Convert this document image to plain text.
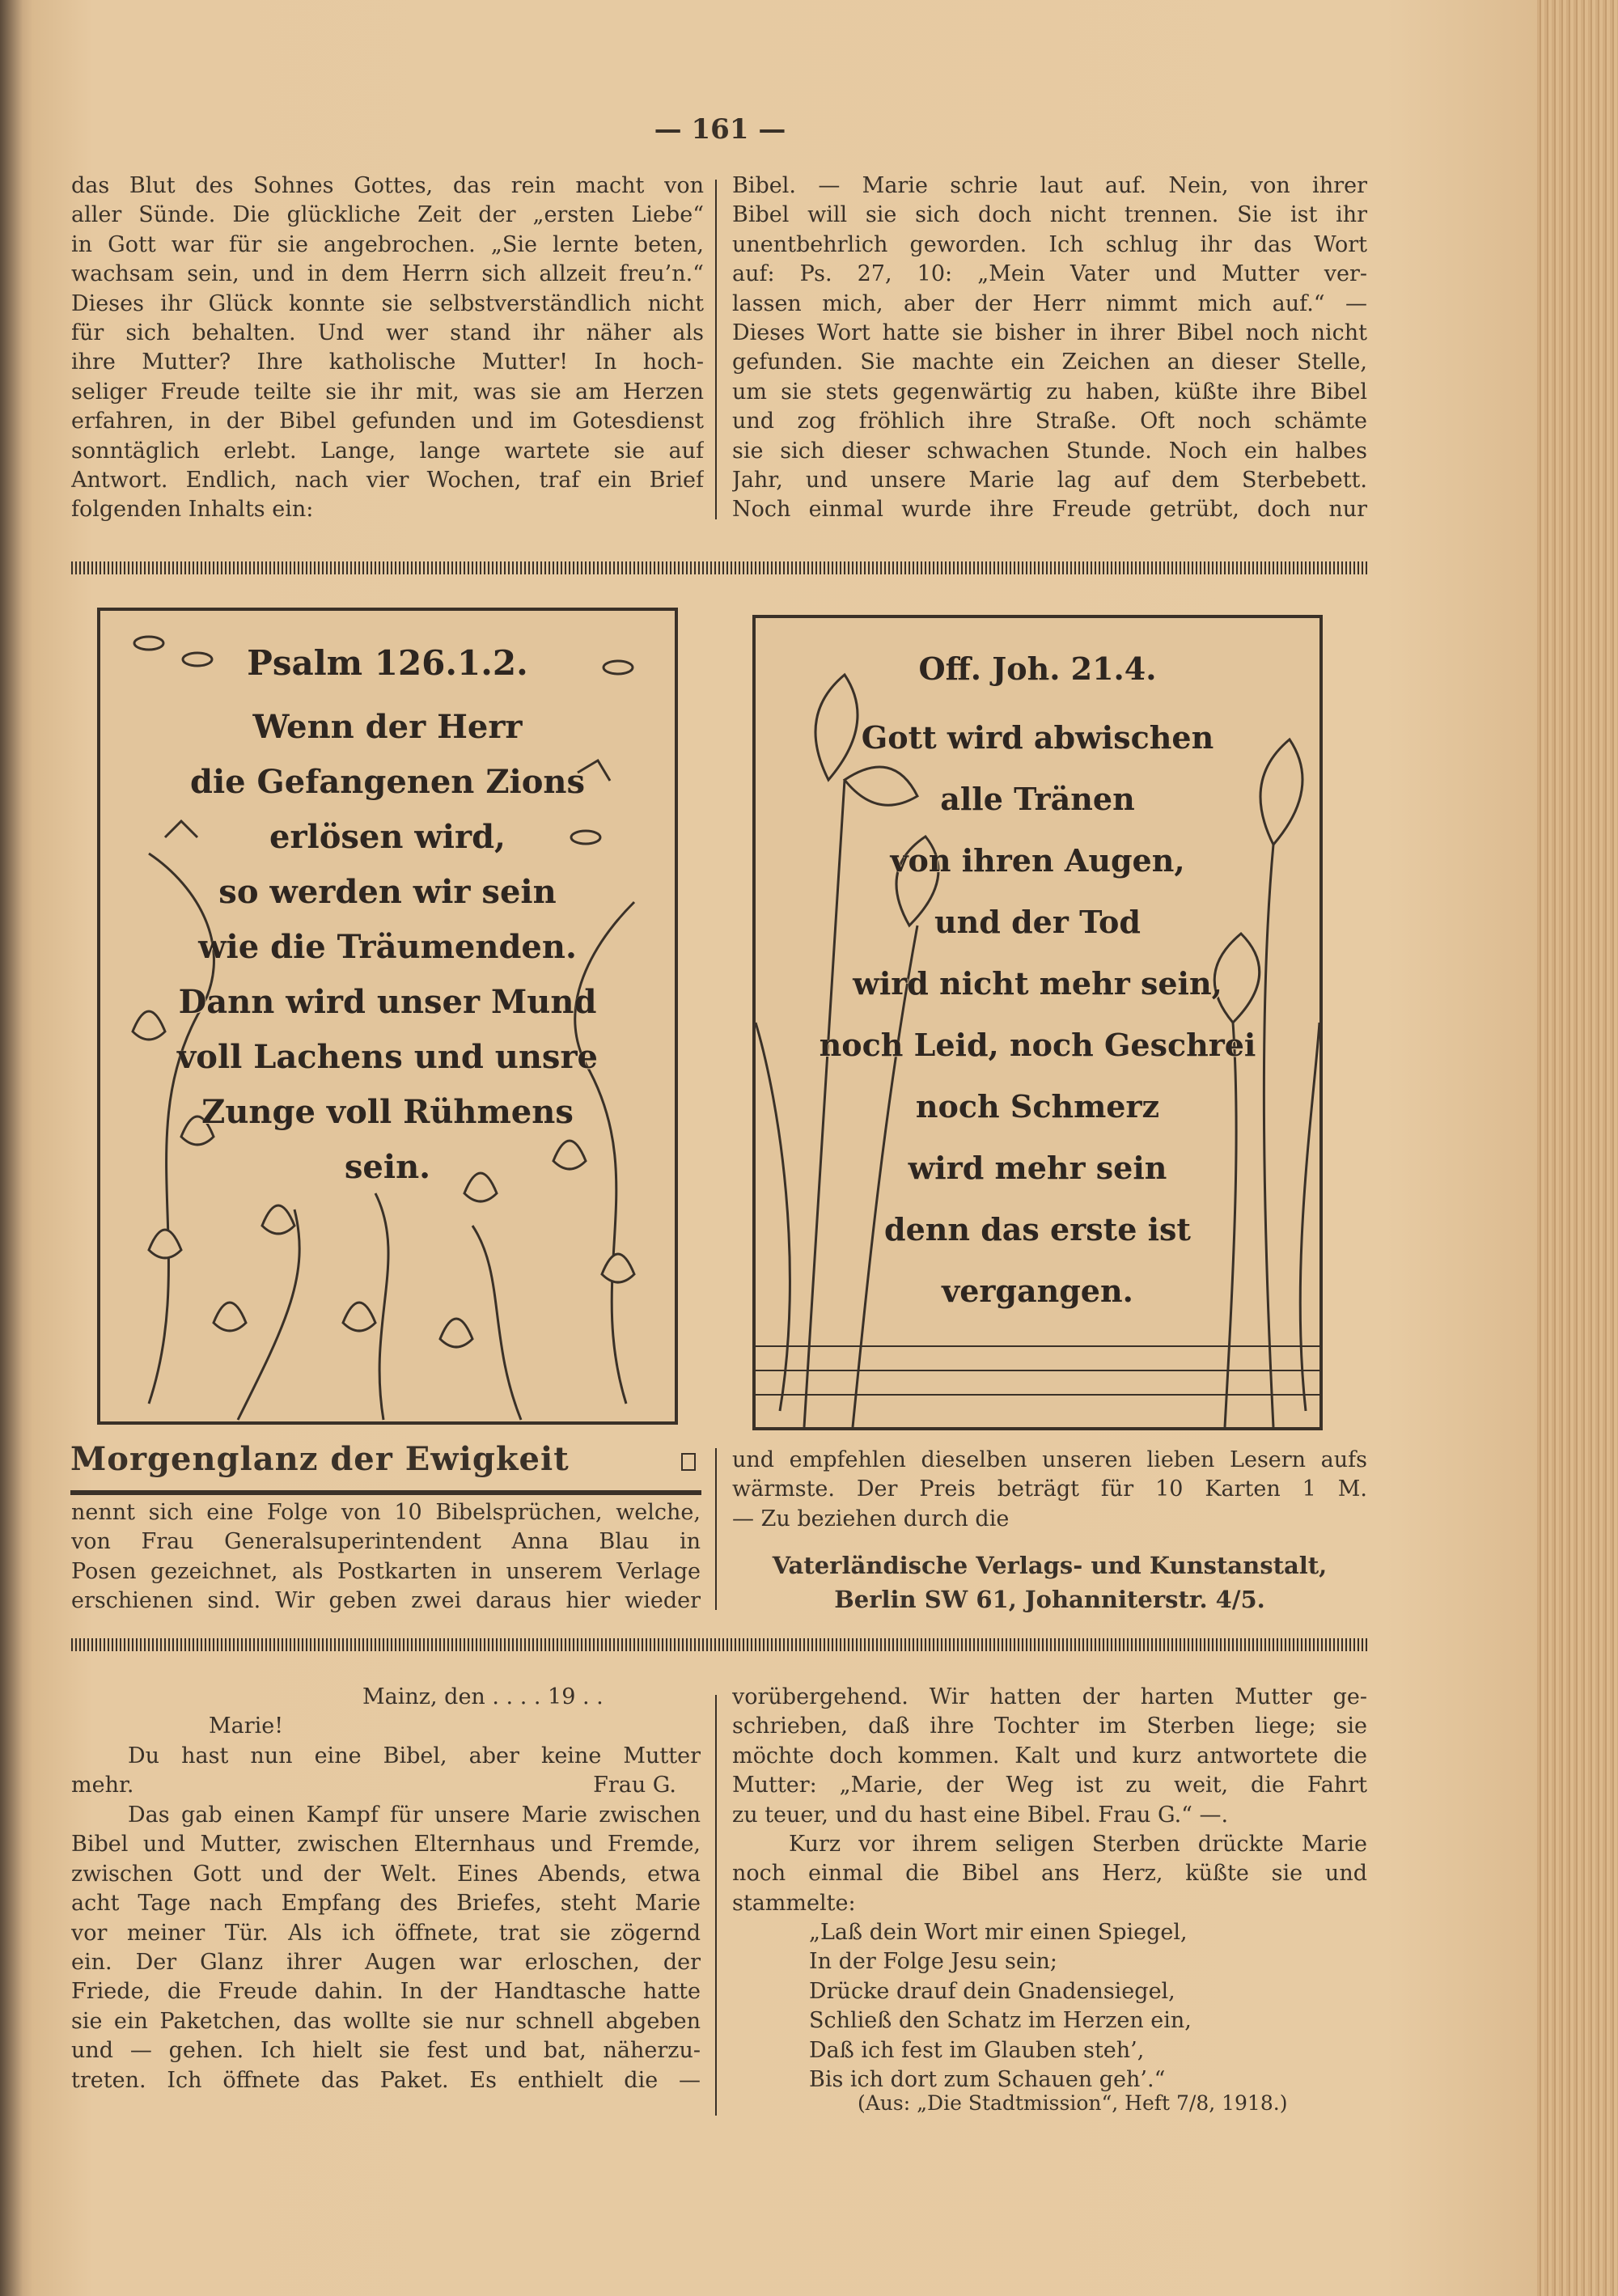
— 161 —
das Blut des Sohnes Gottes, das rein macht von
aller Sünde. Die glückliche Zeit der „ersten Liebe“
in Gott war für sie angebrochen. „Sie lernte beten,
wachsam sein, und in dem Herrn sich allzeit freu’n.“
Dieses ihr Glück konnte sie selbstverständlich nicht
für sich behalten. Und wer stand ihr näher als
ihre Mutter? Ihre katholische Mutter! In hoch-
seliger Freude teilte sie ihr mit, was sie am Herzen
erfahren, in der Bibel gefunden und im Gotesdienst
sonntäglich erlebt. Lange, lange wartete sie auf
Antwort. Endlich, nach vier Wochen, traf ein Brief
folgenden Inhalts ein:
Bibel. — Marie schrie laut auf. Nein, von ihrer
Bibel will sie sich doch nicht trennen. Sie ist ihr
unentbehrlich geworden. Ich schlug ihr das Wort
auf: Ps. 27, 10: „Mein Vater und Mutter ver-
lassen mich, aber der Herr nimmt mich auf.“ —
Dieses Wort hatte sie bisher in ihrer Bibel noch nicht
gefunden. Sie machte ein Zeichen an dieser Stelle,
um sie stets gegenwärtig zu haben, küßte ihre Bibel
und zog fröhlich ihre Straße. Oft noch schämte
sie sich dieser schwachen Stunde. Noch ein halbes
Jahr, und unsere Marie lag auf dem Sterbebett.
Noch einmal wurde ihre Freude getrübt, doch nur
Psalm 126.1.2.
Wenn der Herr
die Gefangenen Zions
erlösen wird,
so werden wir sein
wie die Träumenden.
Dann wird unser Mund
voll Lachens und unsre
Zunge voll Rühmens
sein.
Off. Joh. 21.4.
Gott wird abwischen
alle Tränen
von ihren Augen,
und der Tod
wird nicht mehr sein,
noch Leid, noch Geschrei
noch Schmerz
wird mehr sein
denn das erste ist
vergangen.
Morgenglanz der Ewigkeit
nennt sich eine Folge von 10 Bibelsprüchen, welche,
von Frau Generalsuperintendent Anna Blau in
Posen gezeichnet, als Postkarten in unserem Verlage
erschienen sind. Wir geben zwei daraus hier wieder
und empfehlen dieselben unseren lieben Lesern aufs
wärmste. Der Preis beträgt für 10 Karten 1 M.
— Zu beziehen durch die
Vaterländische Verlags- und Kunstanstalt,
Berlin SW 61, Johanniterstr. 4/5.
Mainz, den . . . . 19 . .
Marie!
Du hast nun eine Bibel, aber keine Mutter
mehr.	Frau G.
Das gab einen Kampf für unsere Marie zwischen
Bibel und Mutter, zwischen Elternhaus und Fremde,
zwischen Gott und der Welt. Eines Abends, etwa
acht Tage nach Empfang des Briefes, steht Marie
vor meiner Tür. Als ich öffnete, trat sie zögernd
ein. Der Glanz ihrer Augen war erloschen, der
Friede, die Freude dahin. In der Handtasche hatte
sie ein Paketchen, das wollte sie nur schnell abgeben
und — gehen. Ich hielt sie fest und bat, näherzu-
treten. Ich öffnete das Paket. Es enthielt die —
vorübergehend. Wir hatten der harten Mutter ge-
schrieben, daß ihre Tochter im Sterben liege; sie
möchte doch kommen. Kalt und kurz antwortete die
Mutter: „Marie, der Weg ist zu weit, die Fahrt
zu teuer, und du hast eine Bibel. Frau G.“ —.
Kurz vor ihrem seligen Sterben drückte Marie
noch einmal die Bibel ans Herz, küßte sie und
stammelte:
„Laß dein Wort mir einen Spiegel,
In der Folge Jesu sein;
Drücke drauf dein Gnadensiegel,
Schließ den Schatz im Herzen ein,
Daß ich fest im Glauben steh’,
Bis ich dort zum Schauen geh’.“
(Aus: „Die Stadtmission“, Heft 7/8, 1918.)
